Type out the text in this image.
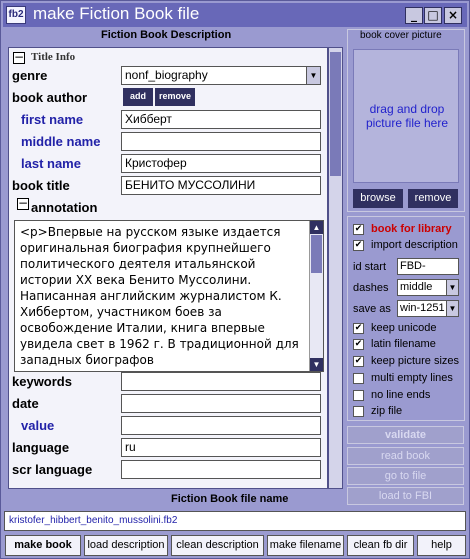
fb2 make Fiction Book file	_ □ ×
Fiction Book Description
− Title Info
genre	nonf_biography	▼
book author	add	remove
first name	Хибберт
middle name
last name	Кристофер
book title	БЕНИТО МУССОЛИНИ
− annotation
<p>Впервые на русском языке издается оригинальная биография крупнейшего политического деятеля итальянской истории ХХ века Бенито Муссолини. Написанная английским журналистом К. Хиббертом, участником боев за освобождение Италии, книга впервые увидела свет в 1962 г. В традиционной для западных биографов
▲
▼
keywords
date
value
language	ru
scr language
book cover picture
drag and drop picture file here
browse	remove
✔ book for library
✔ import description
id start FBD-
dashes middle	▼
save as win-1251 ▼
✔ keep unicode
✔ latin filename
✔ keep picture sizes
multi empty lines
no line ends
zip file
validate
read book
go to file
load to FBI
Fiction Book file name
kristofer_hibbert_benito_mussolini.fb2
make book	load description	clean description make filename	clean fb dir	help
